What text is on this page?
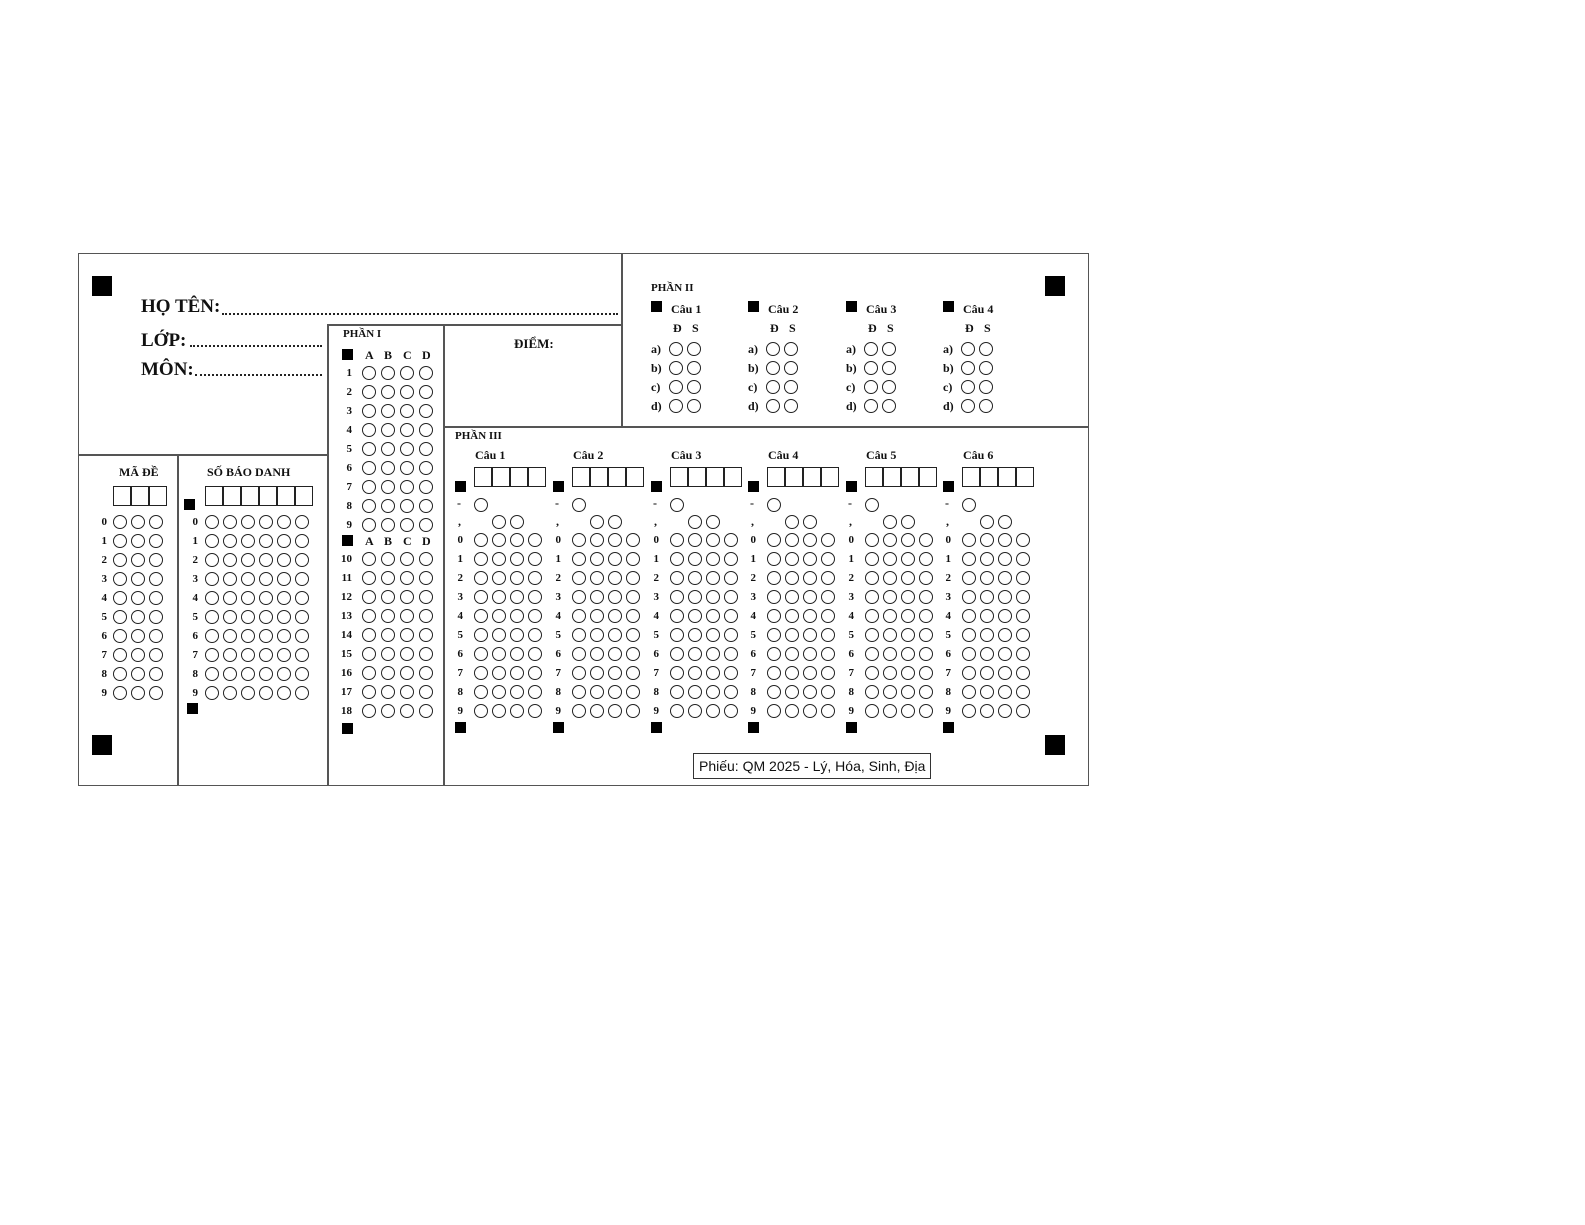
HỌ TÊN:
LỚP:
MÔN:
ĐIỂM:
MÃ ĐỀ	SỐ BÁO DANH
PHẦN I
PHẦN II
PHẦN III
0
1
2
3
4
5
6
7
8
9
0
1
2
3
4
5
6
7
8
9
A B C D
1
2
3
4
5
6
7
8
9
A B C D
10
11
12
13
14
15
16
17
18
Câu 1
Đ S
a)
b)
c)
d)
Câu 2
Đ S
a)
b)
c)
d)
Câu 3
Đ S
a)
b)
c)
d)
Câu 4
Đ S
a)
b)
c)
d)
Câu 1
-
,
0
1
2
3
4
5
6
7
8
9
Câu 2
-
,
0
1
2
3
4
5
6
7
8
9
Câu 3
-
,
0
1
2
3
4
5
6
7
8
9
Câu 4
-
,
0
1
2
3
4
5
6
7
8
9
Câu 5
-
,
0
1
2
3
4
5
6
7
8
9
Câu 6
-
,
0
1
2
3
4
5
6
7
8
9
Phiếu: QM 2025 - Lý, Hóa, Sinh, Địa
